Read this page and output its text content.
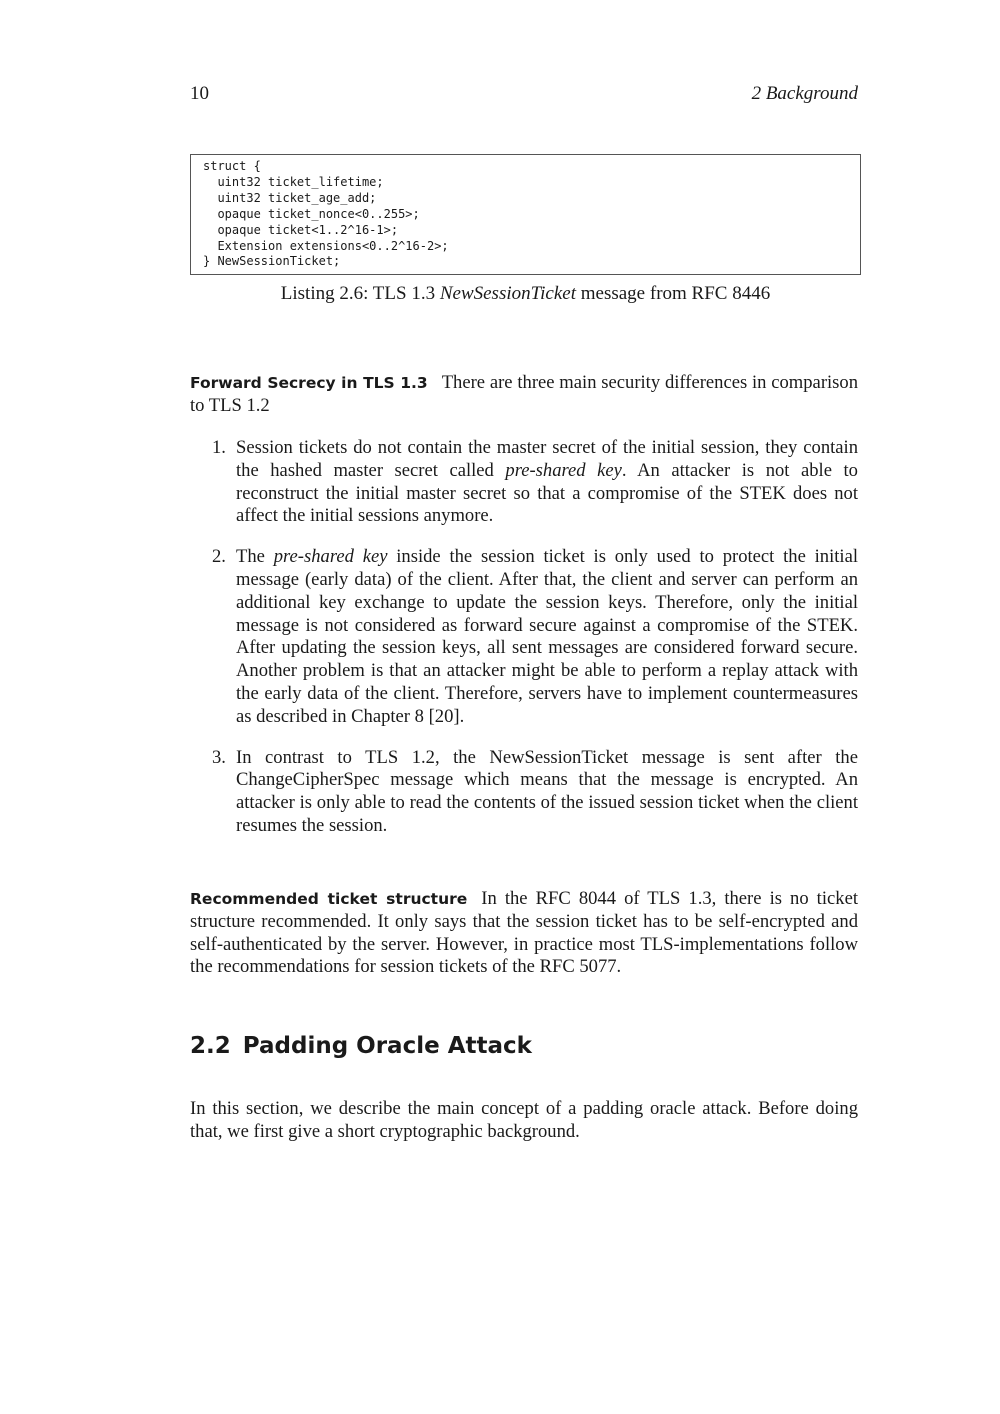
10	2 Background
struct {
uint32 ticket_lifetime;
uint32 ticket_age_add;
opaque ticket_nonce<0..255>;
opaque ticket<1..2^16-1>;
Extension extensions<0..2^16-2>;
} NewSessionTicket;
Listing 2.6: TLS 1.3 NewSessionTicket message from RFC 8446
Forward Secrecy in TLS 1.3 There are three main security differences in comparison to TLS 1.2
1. Session tickets do not contain the master secret of the initial session, they contain the hashed master secret called pre-shared key. An attacker is not able to reconstruct the initial master secret so that a compromise of the STEK does not affect the initial sessions anymore.
2. The pre-shared key inside the session ticket is only used to protect the initial message (early data) of the client. After that, the client and server can perform an additional key exchange to update the session keys. Therefore, only the initial message is not considered as forward secure against a compromise of the STEK. After updating the session keys, all sent messages are considered forward secure. Another problem is that an attacker might be able to perform a replay attack with the early data of the client. Therefore, servers have to implement countermeasures as described in Chapter 8 [20].
3. In contrast to TLS 1.2, the NewSessionTicket message is sent after the ChangeCipherSpec message which means that the message is encrypted. An attacker is only able to read the contents of the issued session ticket when the client resumes the session.
Recommended ticket structure In the RFC 8044 of TLS 1.3, there is no ticket structure recommended. It only says that the session ticket has to be self-encrypted and self-authenticated by the server. However, in practice most TLS-implementations follow the recommendations for session tickets of the RFC 5077.
2.2 Padding Oracle Attack
In this section, we describe the main concept of a padding oracle attack. Before doing that, we first give a short cryptographic background.
